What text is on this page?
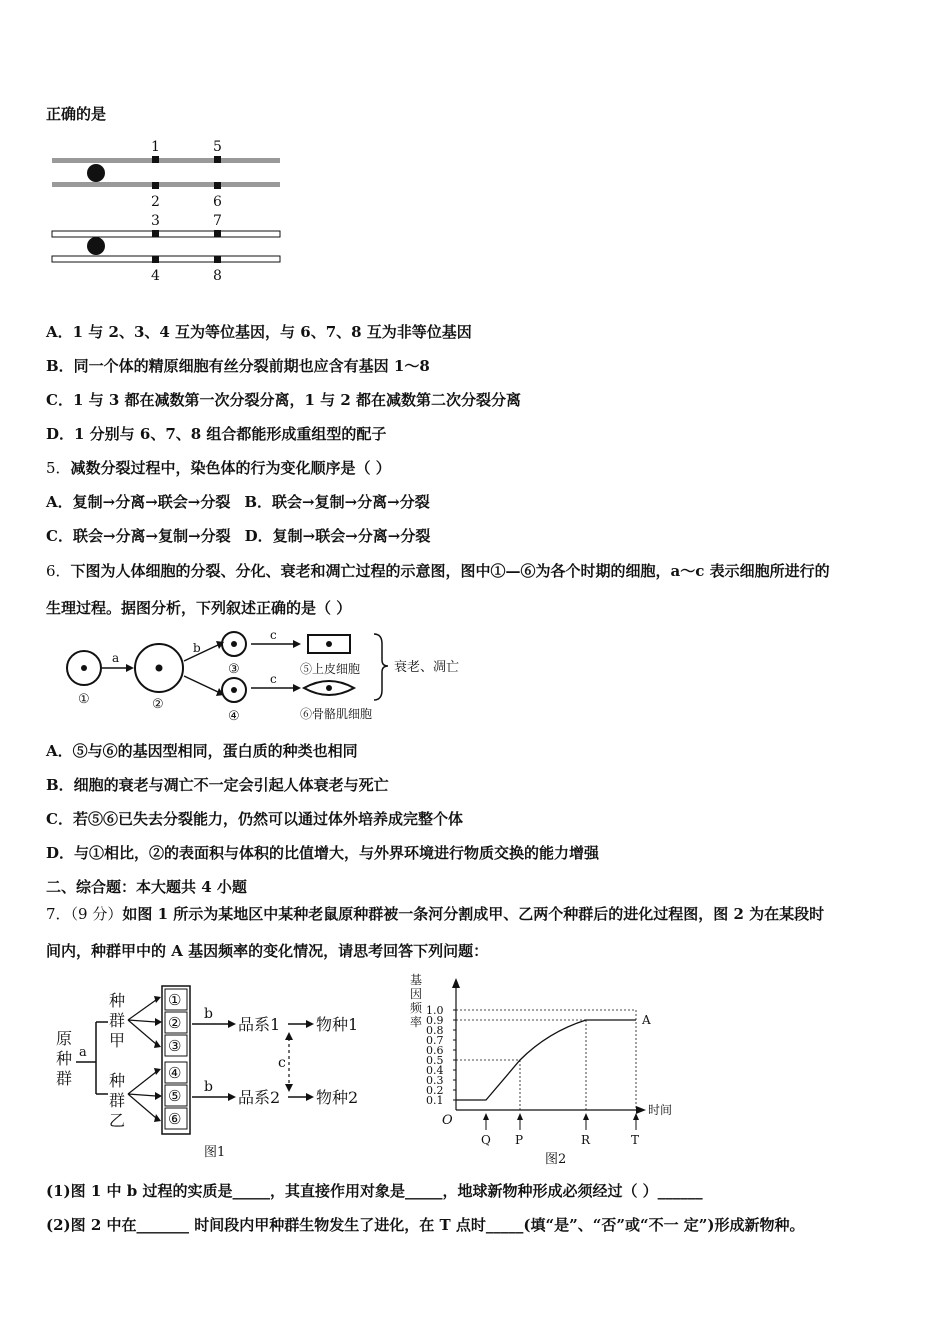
正确的是
1	5
2	6
3	7
4	8
A．1 与 2、3、4 互为等位基因，与 6、7、8 互为非等位基因
B．同一个体的精原细胞有丝分裂前期也应含有基因 1～8
C．1 与 3 都在减数第一次分裂分离，1 与 2 都在减数第二次分裂分离
D．1 分别与 6、7、8 组合都能形成重组型的配子
5．减数分裂过程中，染色体的行为变化顺序是（ ）
A．复制→分离→联会→分裂 B．联会→复制→分离→分裂
C．联会→分离→复制→分裂 D．复制→联会→分离→分裂
6．下图为人体细胞的分裂、分化、衰老和凋亡过程的示意图，图中①—⑥为各个时期的细胞，a～c 表示细胞所进行的
生理过程。据图分析，下列叙述正确的是（ ）
①
a
②
b
③
④
c
c
⑤上皮细胞
⑥骨骼肌细胞
衰老、凋亡
A．⑤与⑥的基因型相同，蛋白质的种类也相同
B．细胞的衰老与凋亡不一定会引起人体衰老与死亡
C．若⑤⑥已失去分裂能力，仍然可以通过体外培养成完整个体
D．与①相比，②的表面积与体积的比值增大，与外界环境进行物质交换的能力增强
二、综合题：本大题共 4 小题
7．（9 分）如图 1 所示为某地区中某种老鼠原种群被一条河分割成甲、乙两个种群后的进化过程图，图 2 为在某段时
间内，种群甲中的 A 基因频率的变化情况，请思考回答下列问题：
原
种
群
a
种
群
甲
种
群
乙
①
②
③
④
⑤
⑥
b
b
品系1
品系2
物种1
物种2
c
图1
基
因
频
率
时间
O
0.1
0.2
0.3
0.4
0.5
0.6
0.7
0.8
0.9
1.0
Q P	R	T
A
图2
(1)图 1 中 b 过程的实质是_____，其直接作用对象是_____，地球新物种形成必须经过（ ）______
(2)图 2 中在_______ 时间段内甲种群生物发生了进化，在 T 点时_____(填“是”、“否”或“不一 定”)形成新物种。
